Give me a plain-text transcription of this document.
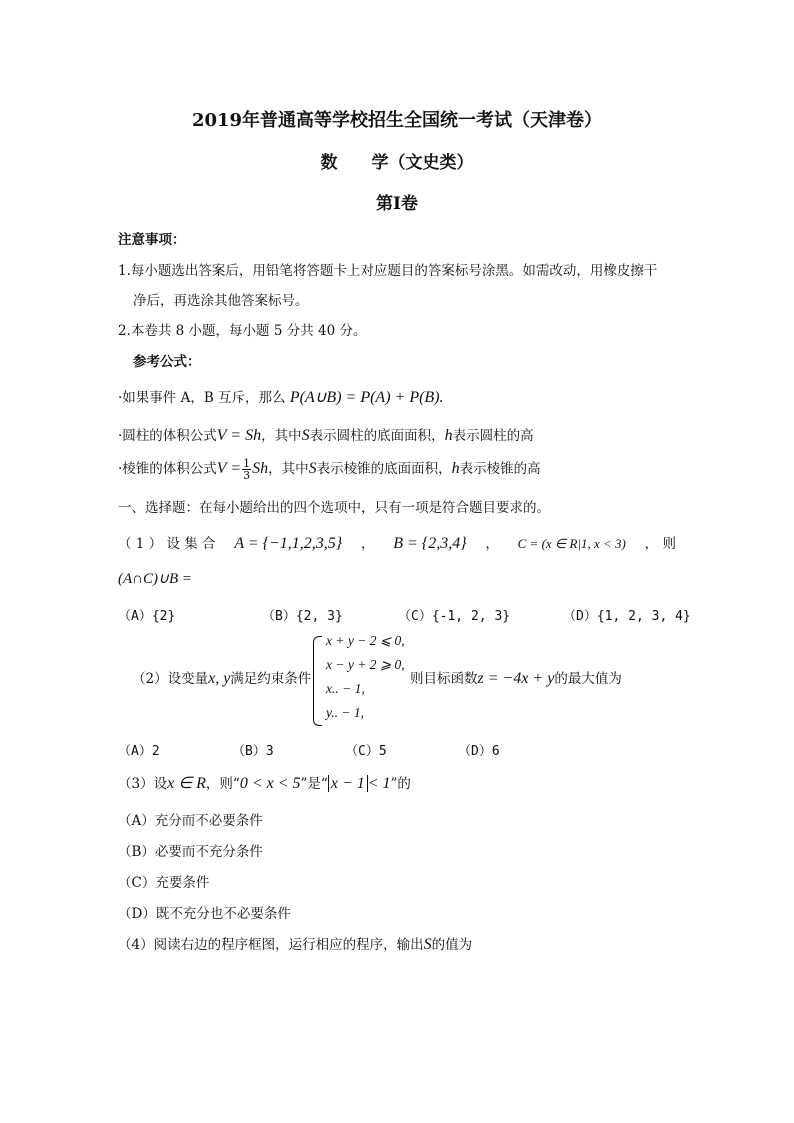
2019年普通高等学校招生全国统一考试（天津卷）
数　　学（文史类）
第Ⅰ卷
注意事项：
1.每小题选出答案后，用铅笔将答题卡上对应题目的答案标号涂黑。如需改动，用橡皮擦干
净后，再选涂其他答案标号。
2.本卷共 8 小题，每小题 5 分共 40 分。
参考公式：
·如果事件 A，B 互斥，那么 P(A∪B) = P(A) + P(B).
·圆柱的体积公式V = Sh，其中S表示圆柱的底面面积，h表示圆柱的高
·棱锥的体积公式$V = \frac{1}{3}$ Sh，其中S表示棱锥的底面面积，h表示棱锥的高
一、选择题：在每小题给出的四个选项中，只有一项是符合题目要求的。
（ 1 ） 设 集 合 A = {−1,1,2,3,5} ， B = {2,3,4} ， C = (x ∈ R|1, x < 3) ， 则
(A∩C)∪B =
（A）{2}	（B）{2, 3}	（C）{-1, 2, 3}	（D）{1, 2, 3, 4}
（2）设变量x, y满足约束条件
x + y − 2 ⩽ 0,
x − y + 2 ⩾ 0,
x.. − 1,
y.. − 1,
则目标函数z = −4x + y的最大值为
（A）2	（B）3	（C）5	（D）6
（3）设x ∈ R，则“0 < x < 5”是“ x − 1 < 1”的
（A）充分而不必要条件
（B）必要而不充分条件
（C）充要条件
（D）既不充分也不必要条件
（4）阅读右边的程序框图，运行相应的程序，输出S的值为
